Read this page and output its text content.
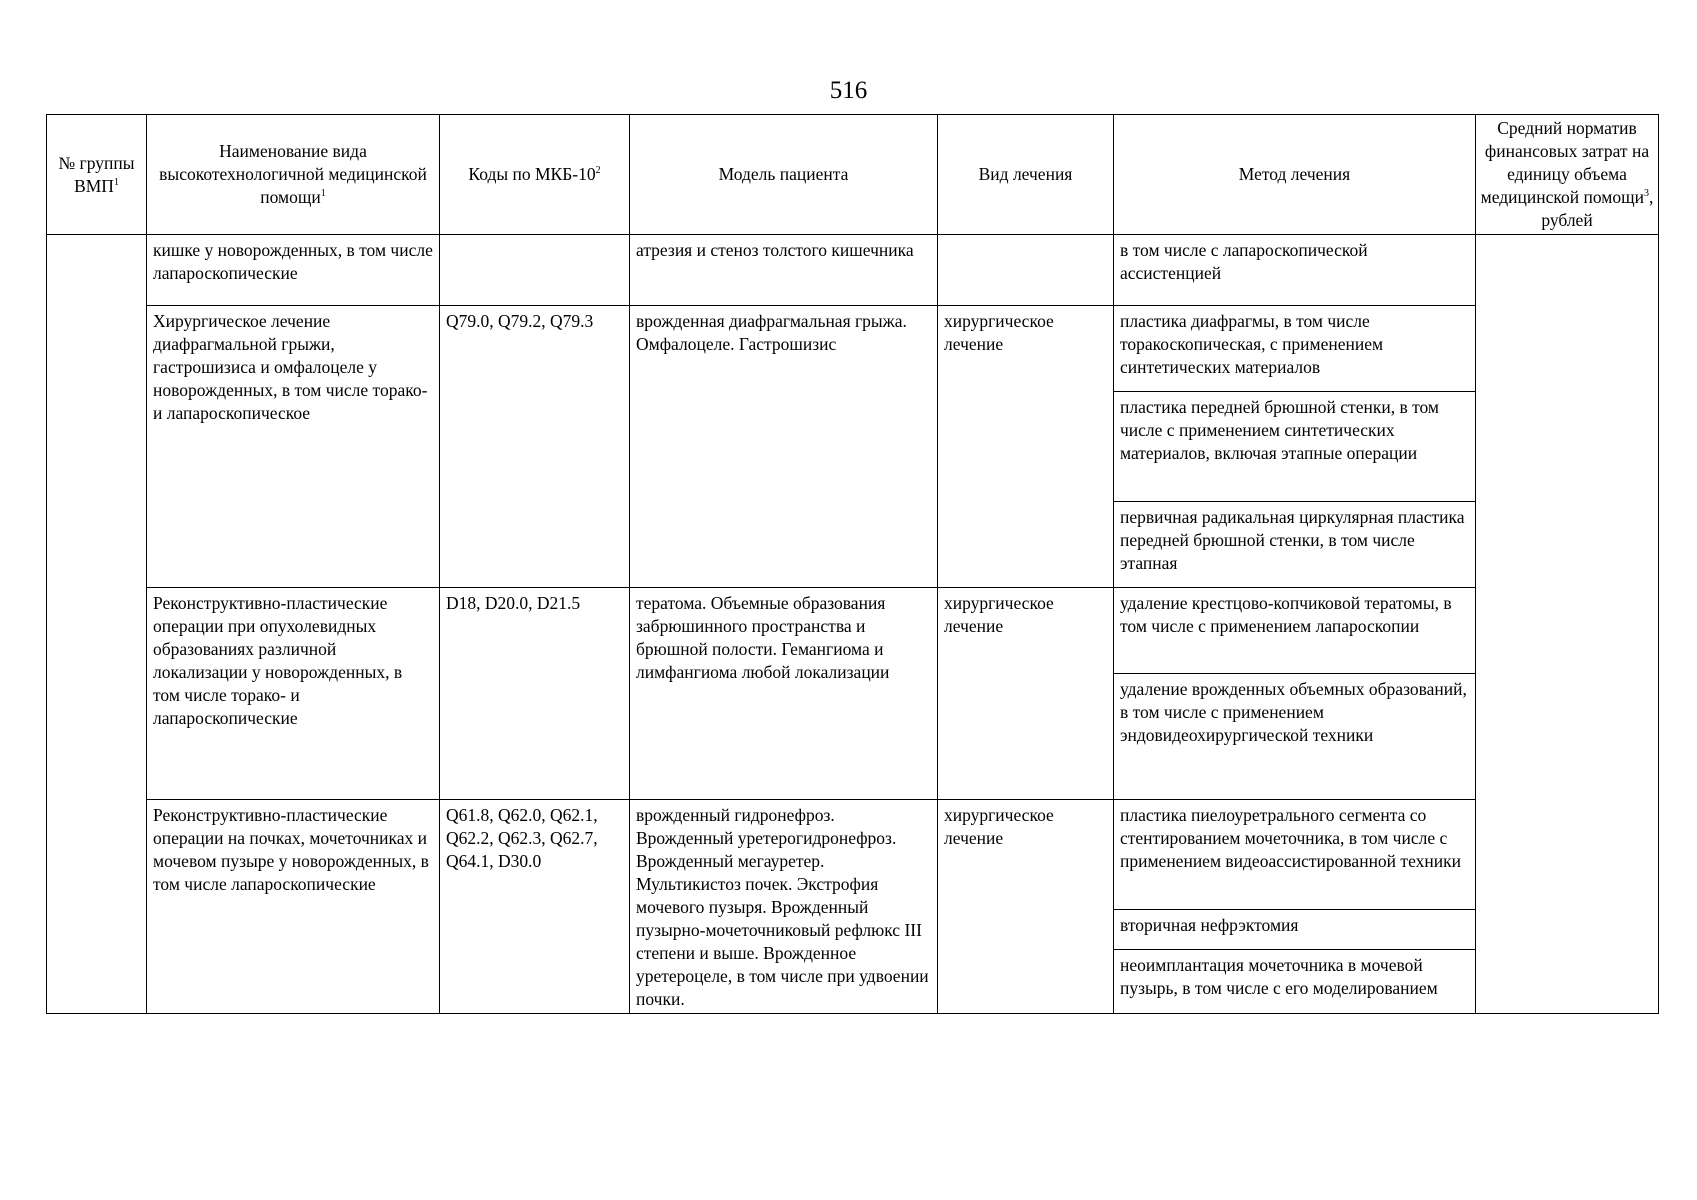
516
№ группы ВМП$^1$	Наименование вида высокотехнологичной медицинской помощи$^1$	Коды по МКБ-$10^2$	Модель пациента	Вид лечения	Метод лечения	Средний норматив финансовых затрат на единицу объема медицинской помощи$^3$, рублей
	кишке у новорожденных, в том числе лапароскопические		атрезия и стеноз толстого кишечника		в том числе с лапароскопической ассистенцией	
	Хирургическое лечение диафрагмальной грыжи, гастрошизиса и омфалоцеле у новорожденных, в том числе торако- и лапароскопическое	Q79.0, Q79.2, Q79.3	врожденная диафрагмальная грыжа. Омфалоцеле. Гастрошизис	хирургическое лечение	пластика диафрагмы, в том числе торакоскопическая, с применением синтетических материалов	
					пластика передней брюшной стенки, в том числе с применением синтетических материалов, включая этапные операции	
					первичная радикальная циркулярная пластика передней брюшной стенки, в том числе этапная	
	Реконструктивно-пластические операции при опухолевидных образованиях различной локализации у новорожденных, в том числе торако- и лапароскопические	D18, D20.0, D21.5	тератома. Объемные образования забрюшинного пространства и брюшной полости. Гемангиома и лимфангиома любой локализации	хирургическое лечение	удаление крестцово-копчиковой тератомы, в том числе с применением лапароскопии	
					удаление врожденных объемных образований, в том числе с применением эндовидеохирургической техники	
	Реконструктивно-пластические операции на почках, мочеточниках и мочевом пузыре у новорожденных, в том числе лапароскопические	Q61.8, Q62.0, Q62.1, Q62.2, Q62.3, Q62.7, Q64.1, D30.0	врожденный гидронефроз. Врожденный уретерогидронефроз. Врожденный мегауретер. Мультикистоз почек. Экстрофия мочевого пузыря. Врожденный пузырно-мочеточниковый рефлюкс III степени и выше. Врожденное уретероцеле, в том числе при удвоении почки.	хирургическое лечение	пластика пиелоуретрального сегмента со стентированием мочеточника, в том числе с применением видеоассистированной техники	
					вторичная нефрэктомия	
					неоимплантация мочеточника в мочевой пузырь, в том числе с его моделированием	
